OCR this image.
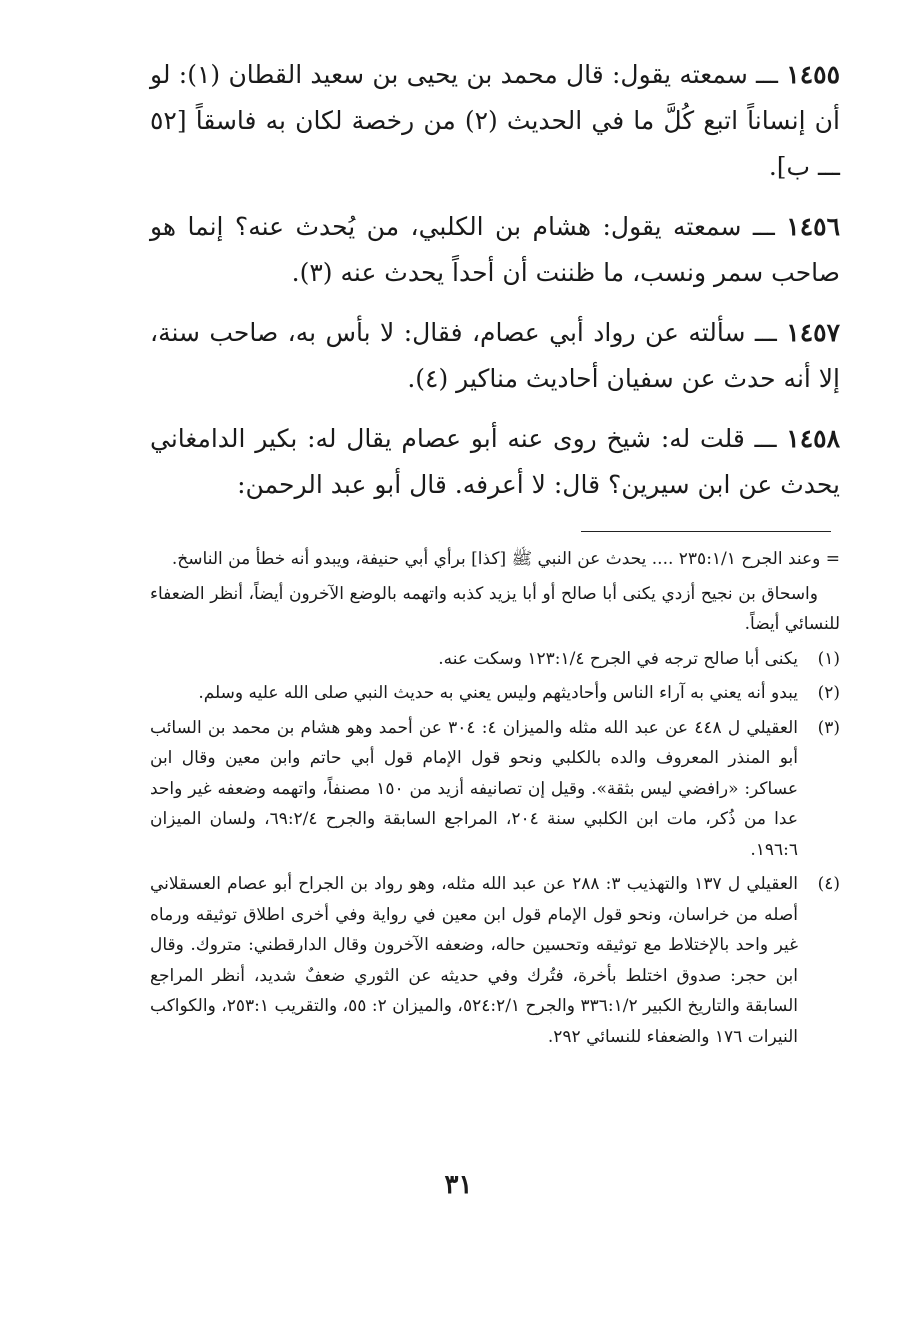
١٤٥٥ ـــ سمعته يقول: قال محمد بن يحيى بن سعيد القطان (١): لو أن إنساناً اتبع كُلَّ ما في الحديث (٢) من رخصة لكان به فاسقاً [٥٢ ـــ ب].

١٤٥٦ ـــ سمعته يقول: هشام بن الكلبي، من يُحدث عنه؟ إنما هو صاحب سمر ونسب، ما ظننت أن أحداً يحدث عنه (٣).

١٤٥٧ ـــ سألته عن رواد أبي عصام، فقال: لا بأس به، صاحب سنة، إلا أنه حدث عن سفيان أحاديث مناكير (٤).

١٤٥٨ ـــ قلت له: شيخ روى عنه أبو عصام يقال له: بكير الدامغاني يحدث عن ابن سيرين؟ قال: لا أعرفه. قال أبو عبد الرحمن:

= وعند الجرح ٢٣٥:١/١ .... يحدث عن النبي ﷺ [كذا] برأي أبي حنيفة، ويبدو أنه خطأ من الناسخ.

واسحاق بن نجيح أزدي يكنى أبا صالح أو أبا يزيد كذبه واتهمه بالوضع الآخرون أيضاً، أنظر الضعفاء للنسائي أيضاً.

(١)
يكنى أبا صالح ترجه في الجرح ١٢٣:١/٤ وسكت عنه.
(٢)
يبدو أنه يعني به آراء الناس وأحاديثهم وليس يعني به حديث النبي صلى الله عليه وسلم.
(٣)
العقيلي ل ٤٤٨ عن عبد الله مثله والميزان ٤: ٣٠٤ عن أحمد وهو هشام بن محمد بن السائب أبو المنذر المعروف والده بالكلبي ونحو قول الإمام قول أبي حاتم وابن معين وقال ابن عساكر: «رافضي ليس بثقة». وقيل إن تصانيفه أزيد من ١٥٠ مصنفاً، واتهمه وضعفه غير واحد عدا من ذُكر، مات ابن الكلبي سنة ٢٠٤، المراجع السابقة والجرح ٦٩:٢/٤، ولسان الميزان ١٩٦:٦.
(٤)
العقيلي ل ١٣٧ والتهذيب ٣: ٢٨٨ عن عبد الله مثله، وهو رواد بن الجراح أبو عصام العسقلاني أصله من خراسان، ونحو قول الإمام قول ابن معين في رواية وفي أخرى اطلاق توثيقه ورماه غير واحد بالإختلاط مع توثيقه وتحسين حاله، وضعفه الآخرون وقال الدارقطني: متروك. وقال ابن حجر: صدوق اختلط بأخرة، فتُرك وفي حديثه عن الثوري ضعفٌ شديد، أنظر المراجع السابقة والتاريخ الكبير ٣٣٦:١/٢ والجرح ٥٢٤:٢/١، والميزان ٢: ٥٥، والتقريب ٢٥٣:١، والكواكب النيرات ١٧٦ والضعفاء للنسائي ٢٩٢.
٣١
